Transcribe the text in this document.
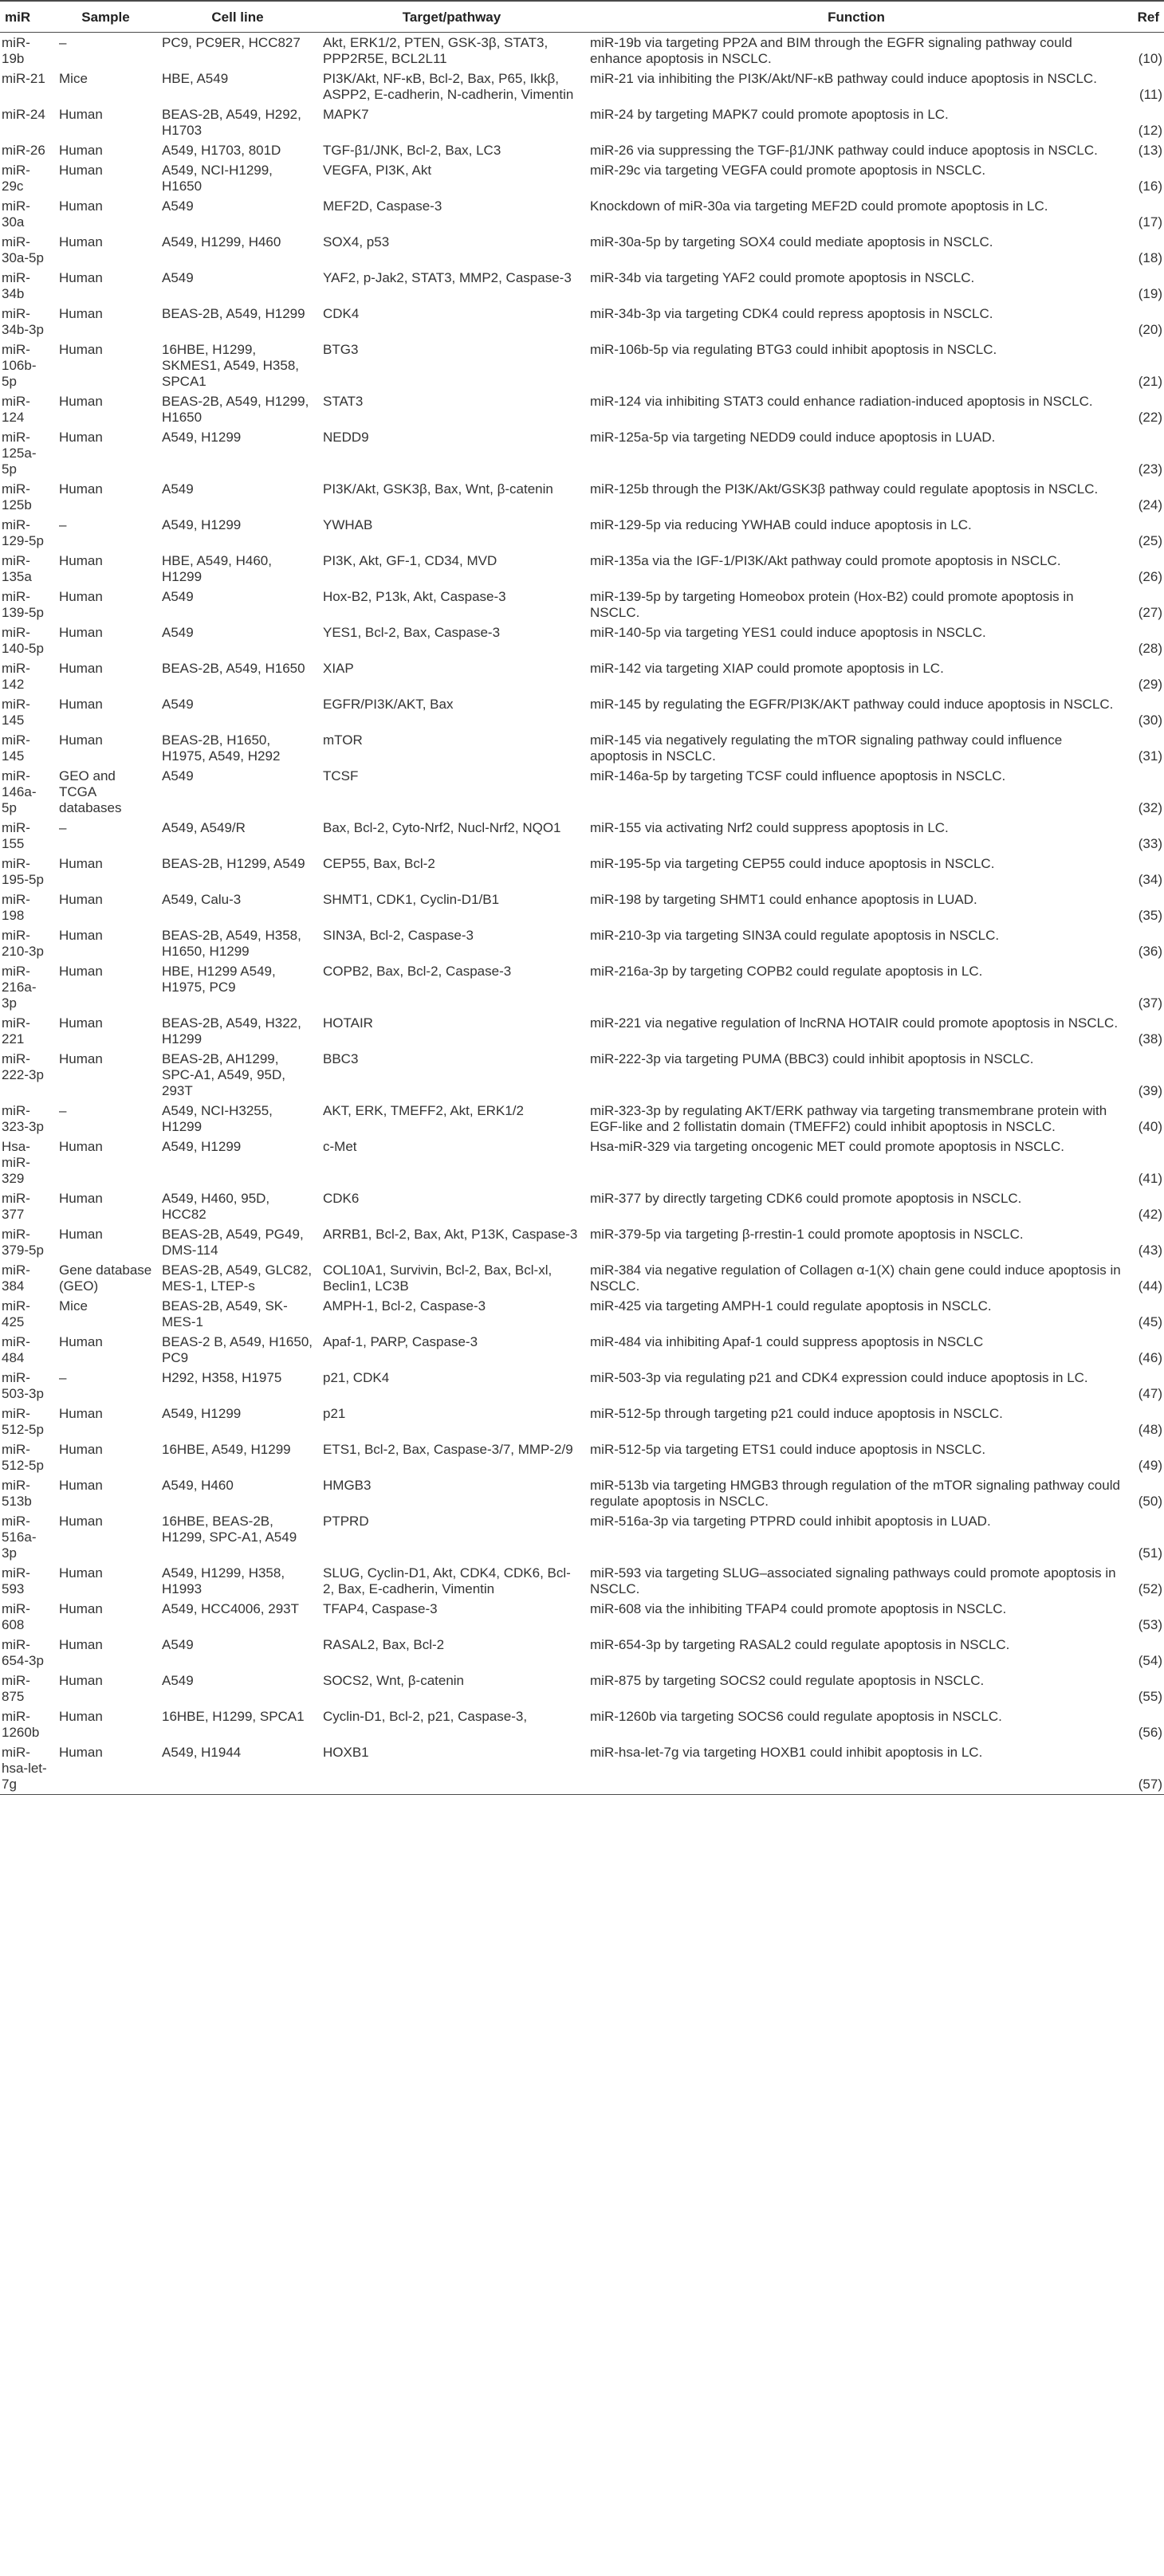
miR	Sample	Cell line	Target/pathway	Function	Ref
miR-19b	–	PC9, PC9ER, HCC827	Akt, ERK1/2, PTEN, GSK-3β, STAT3, PPP2R5E, BCL2L11	miR-19b via targeting PP2A and BIM through the EGFR signaling pathway could enhance apoptosis in NSCLC.	(10)
miR-21	Mice	HBE, A549	PI3K/Akt, NF-κB, Bcl-2, Bax, P65, Ikkβ, ASPP2, E-cadherin, N-cadherin, Vimentin	miR-21 via inhibiting the PI3K/Akt/NF-κB pathway could induce apoptosis in NSCLC.	(11)
miR-24	Human	BEAS-2B, A549, H292, H1703	MAPK7	miR-24 by targeting MAPK7 could promote apoptosis in LC.	(12)
miR-26	Human	A549, H1703, 801D	TGF-β1/JNK, Bcl-2, Bax, LC3	miR-26 via suppressing the TGF-β1/JNK pathway could induce apoptosis in NSCLC.	(13)
miR-29c	Human	A549, NCI-H1299, H1650	VEGFA, PI3K, Akt	miR-29c via targeting VEGFA could promote apoptosis in NSCLC.	(16)
miR-30a	Human	A549	MEF2D, Caspase-3	Knockdown of miR-30a via targeting MEF2D could promote apoptosis in LC.	(17)
miR-30a-5p	Human	A549, H1299, H460	SOX4, p53	miR-30a-5p by targeting SOX4 could mediate apoptosis in NSCLC.	(18)
miR-34b	Human	A549	YAF2, p-Jak2, STAT3, MMP2, Caspase-3	miR-34b via targeting YAF2 could promote apoptosis in NSCLC.	(19)
miR-34b-3p	Human	BEAS-2B, A549, H1299	CDK4	miR-34b-3p via targeting CDK4 could repress apoptosis in NSCLC.	(20)
miR-106b-5p	Human	16HBE, H1299, SKMES1, A549, H358, SPCA1	BTG3	miR-106b-5p via regulating BTG3 could inhibit apoptosis in NSCLC.	(21)
miR-124	Human	BEAS-2B, A549, H1299, H1650	STAT3	miR-124 via inhibiting STAT3 could enhance radiation-induced apoptosis in NSCLC.	(22)
miR-125a-5p	Human	A549, H1299	NEDD9	miR-125a-5p via targeting NEDD9 could induce apoptosis in LUAD.	(23)
miR-125b	Human	A549	PI3K/Akt, GSK3β, Bax, Wnt, β-catenin	miR-125b through the PI3K/Akt/GSK3β pathway could regulate apoptosis in NSCLC.	(24)
miR-129-5p	–	A549, H1299	YWHAB	miR-129-5p via reducing YWHAB could induce apoptosis in LC.	(25)
miR-135a	Human	HBE, A549, H460, H1299	PI3K, Akt, GF-1, CD34, MVD	miR-135a via the IGF-1/PI3K/Akt pathway could promote apoptosis in NSCLC.	(26)
miR-139-5p	Human	A549	Hox-B2, P13k, Akt, Caspase-3	miR-139-5p by targeting Homeobox protein (Hox-B2) could promote apoptosis in NSCLC.	(27)
miR-140-5p	Human	A549	YES1, Bcl-2, Bax, Caspase-3	miR-140-5p via targeting YES1 could induce apoptosis in NSCLC.	(28)
miR-142	Human	BEAS-2B, A549, H1650	XIAP	miR-142 via targeting XIAP could promote apoptosis in LC.	(29)
miR-145	Human	A549	EGFR/PI3K/AKT, Bax	miR-145 by regulating the EGFR/PI3K/AKT pathway could induce apoptosis in NSCLC.	(30)
miR-145	Human	BEAS-2B, H1650, H1975, A549, H292	mTOR	miR-145 via negatively regulating the mTOR signaling pathway could influence apoptosis in NSCLC.	(31)
miR-146a-5p	GEO and TCGA databases	A549	TCSF	miR-146a-5p by targeting TCSF could influence apoptosis in NSCLC.	(32)
miR-155	–	A549, A549/R	Bax, Bcl-2, Cyto-Nrf2, Nucl-Nrf2, NQO1	miR-155 via activating Nrf2 could suppress apoptosis in LC.	(33)
miR-195-5p	Human	BEAS-2B, H1299, A549	CEP55, Bax, Bcl-2	miR-195-5p via targeting CEP55 could induce apoptosis in NSCLC.	(34)
miR-198	Human	A549, Calu-3	SHMT1, CDK1, Cyclin-D1/B1	miR-198 by targeting SHMT1 could enhance apoptosis in LUAD.	(35)
miR-210-3p	Human	BEAS-2B, A549, H358, H1650, H1299	SIN3A, Bcl-2, Caspase-3	miR-210-3p via targeting SIN3A could regulate apoptosis in NSCLC.	(36)
miR-216a-3p	Human	HBE, H1299 A549, H1975, PC9	COPB2, Bax, Bcl-2, Caspase-3	miR-216a-3p by targeting COPB2 could regulate apoptosis in LC.	(37)
miR-221	Human	BEAS-2B, A549, H322, H1299	HOTAIR	miR-221 via negative regulation of lncRNA HOTAIR could promote apoptosis in NSCLC.	(38)
miR-222-3p	Human	BEAS-2B, AH1299, SPC-A1, A549, 95D, 293T	BBC3	miR-222-3p via targeting PUMA (BBC3) could inhibit apoptosis in NSCLC.	(39)
miR-323-3p	–	A549, NCI-H3255, H1299	AKT, ERK, TMEFF2, Akt, ERK1/2	miR-323-3p by regulating AKT/ERK pathway via targeting transmembrane protein with EGF-like and 2 follistatin domain (TMEFF2) could inhibit apoptosis in NSCLC.	(40)
Hsa-miR-329	Human	A549, H1299	c-Met	Hsa-miR-329 via targeting oncogenic MET could promote apoptosis in NSCLC.	(41)
miR-377	Human	A549, H460, 95D, HCC82	CDK6	miR-377 by directly targeting CDK6 could promote apoptosis in NSCLC.	(42)
miR-379-5p	Human	BEAS-2B, A549, PG49, DMS-114	ARRB1, Bcl-2, Bax, Akt, P13K, Caspase-3	miR-379-5p via targeting β-rrestin-1 could promote apoptosis in NSCLC.	(43)
miR-384	Gene database (GEO)	BEAS-2B, A549, GLC82, MES-1, LTEP-s	COL10A1, Survivin, Bcl-2, Bax, Bcl-xl, Beclin1, LC3B	miR-384 via negative regulation of Collagen α-1(X) chain gene could induce apoptosis in NSCLC.	(44)
miR-425	Mice	BEAS-2B, A549, SK-MES-1	AMPH-1, Bcl-2, Caspase-3	miR-425 via targeting AMPH-1 could regulate apoptosis in NSCLC.	(45)
miR-484	Human	BEAS-2 B, A549, H1650, PC9	Apaf-1, PARP, Caspase-3	miR-484 via inhibiting Apaf-1 could suppress apoptosis in NSCLC	(46)
miR-503-3p	–	H292, H358, H1975	p21, CDK4	miR-503-3p via regulating p21 and CDK4 expression could induce apoptosis in LC.	(47)
miR-512-5p	Human	A549, H1299	p21	miR-512-5p through targeting p21 could induce apoptosis in NSCLC.	(48)
miR-512-5p	Human	16HBE, A549, H1299	ETS1, Bcl-2, Bax, Caspase-3/7, MMP-2/9	miR-512-5p via targeting ETS1 could induce apoptosis in NSCLC.	(49)
miR-513b	Human	A549, H460	HMGB3	miR-513b via targeting HMGB3 through regulation of the mTOR signaling pathway could regulate apoptosis in NSCLC.	(50)
miR-516a-3p	Human	16HBE, BEAS-2B, H1299, SPC-A1, A549	PTPRD	miR-516a-3p via targeting PTPRD could inhibit apoptosis in LUAD.	(51)
miR-593	Human	A549, H1299, H358, H1993	SLUG, Cyclin-D1, Akt, CDK4, CDK6, Bcl-2, Bax, E-cadherin, Vimentin	miR-593 via targeting SLUG–associated signaling pathways could promote apoptosis in NSCLC.	(52)
miR-608	Human	A549, HCC4006, 293T	TFAP4, Caspase-3	miR-608 via the inhibiting TFAP4 could promote apoptosis in NSCLC.	(53)
miR-654-3p	Human	A549	RASAL2, Bax, Bcl-2	miR-654-3p by targeting RASAL2 could regulate apoptosis in NSCLC.	(54)
miR-875	Human	A549	SOCS2, Wnt, β-catenin	miR-875 by targeting SOCS2 could regulate apoptosis in NSCLC.	(55)
miR-1260b	Human	16HBE, H1299, SPCA1	Cyclin-D1, Bcl-2, p21, Caspase-3,	miR-1260b via targeting SOCS6 could regulate apoptosis in NSCLC.	(56)
miR-hsa-let-7g	Human	A549, H1944	HOXB1	miR-hsa-let-7g via targeting HOXB1 could inhibit apoptosis in LC.	(57)
